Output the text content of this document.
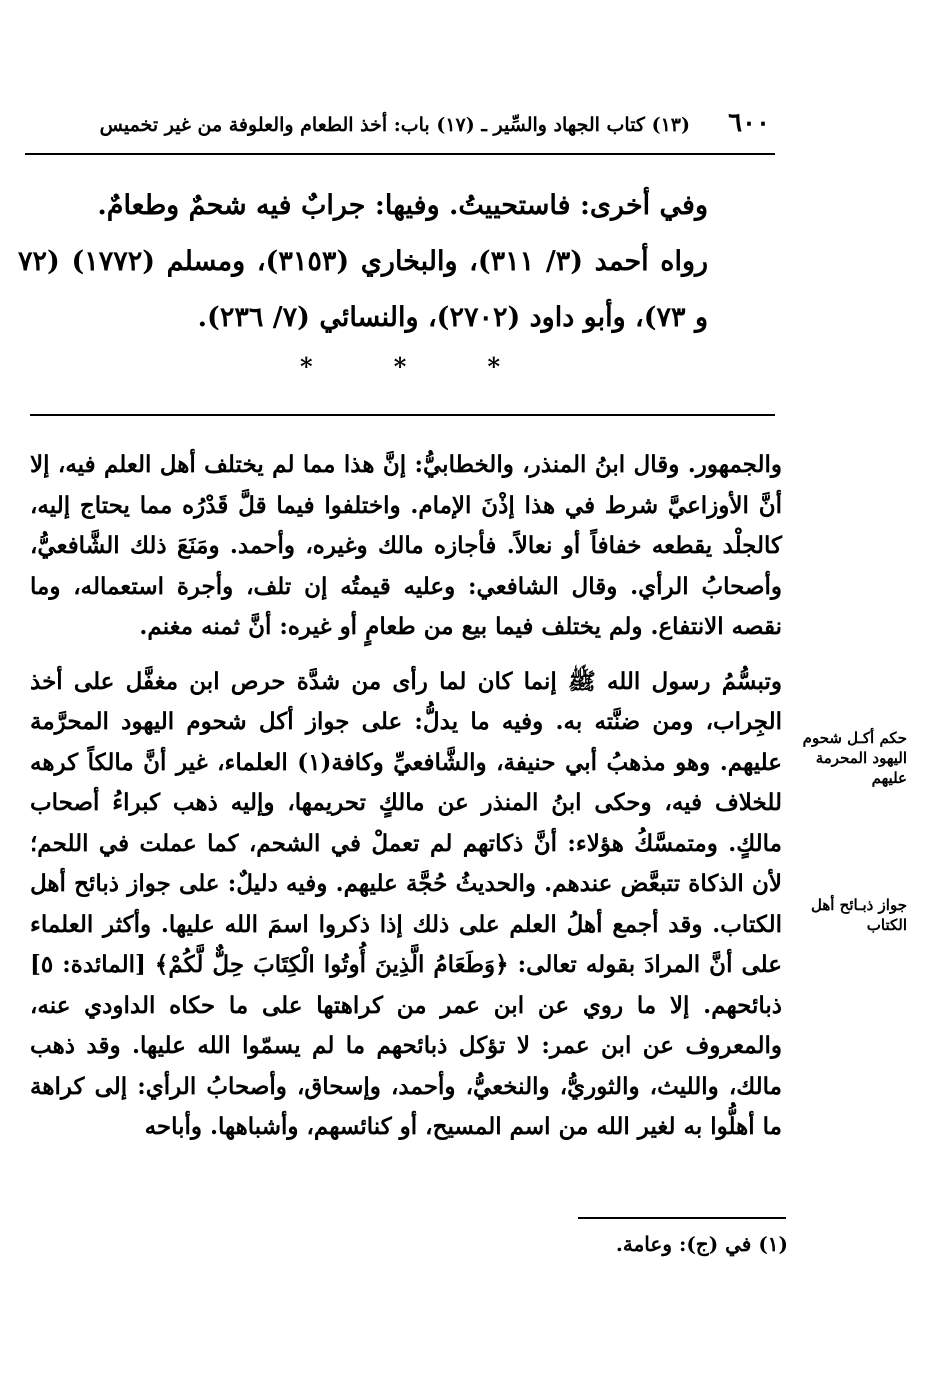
٦٠٠
(١٣) كتاب الجهاد والسِّير ـ (١٧) باب: أخذ الطعام والعلوفة من غير تخميس

وفي أخرى: فاستحييتُ. وفيها: جرابٌ فيه شحمٌ وطعامٌ.

رواه أحمد (٣/ ٣١١)، والبخاري (٣١٥٣)، ومسلم (١٧٧٢) (٧٢ و ٧٣)، وأبو داود (٢٧٠٢)، والنسائي (٧/ ٢٣٦).

*
*
*

والجمهور. وقال ابنُ المنذر، والخطابيُّ: إنَّ هذا مما لم يختلف أهل العلم فيه، إلا أنَّ الأوزاعيَّ شرط في هذا إذْنَ الإمام. واختلفوا فيما قلَّ قَدْرُه مما يحتاج إليه، كالجلْد يقطعه خفافاً أو نعالاً. فأجازه مالك وغيره، وأحمد. ومَنَعَ ذلك الشَّافعيُّ، وأصحابُ الرأي. وقال الشافعي: وعليه قيمتُه إن تلف، وأجرة استعماله، وما نقصه الانتفاع. ولم يختلف فيما بيع من طعامٍ أو غيره: أنَّ ثمنه مغنم.

وتبسُّمُ رسول الله ﷺ إنما كان لما رأى من شدَّة حرص ابن مغفَّل على أخذ الجِراب، ومن ضنَّته به. وفيه ما يدلُّ: على جواز أكل شحوم اليهود المحرَّمة عليهم. وهو مذهبُ أبي حنيفة، والشَّافعيِّ وكافة(١) العلماء، غير أنَّ مالكاً كرهه للخلاف فيه، وحكى ابنُ المنذر عن مالكٍ تحريمها، وإليه ذهب كبراءُ أصحاب مالكٍ. ومتمسَّكُ هؤلاء: أنَّ ذكاتهم لم تعملْ في الشحم، كما عملت في اللحم؛ لأن الذكاة تتبعَّض عندهم. والحديثُ حُجَّة عليهم. وفيه دليلٌ: على جواز ذبائح أهل الكتاب. وقد أجمع أهلُ العلم على ذلك إذا ذكروا اسمَ الله عليها. وأكثر العلماء على أنَّ المرادَ بقوله تعالى: ﴿وَطَعَامُ الَّذِينَ أُوتُوا الْكِتَابَ حِلٌّ لَّكُمْ﴾ [المائدة: ٥] ذبائحهم. إلا ما روي عن ابن عمر من كراهتها على ما حكاه الداودي عنه، والمعروف عن ابن عمر: لا تؤكل ذبائحهم ما لم يسمّوا الله عليها. وقد ذهب مالك، والليث، والثوريُّ، والنخعيُّ، وأحمد، وإسحاق، وأصحابُ الرأي: إلى كراهة ما أهلُّوا به لغير الله من اسم المسيح، أو كنائسهم، وأشباهها. وأباحه

حكم أكـل شحوم اليهود المحرمة عليهم
جواز ذبـائح أهل الكتاب
(١) في (ج): وعامة.
